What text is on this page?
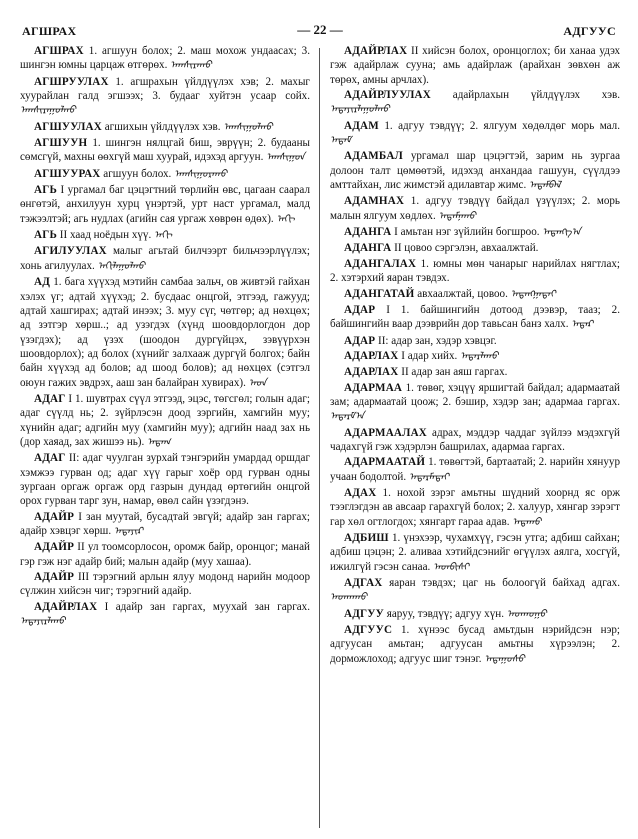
АГШРАХ	— 22 —	АДГУУС

АГШРАХ 1. агшуун болох; 2. маш мохож ундаасах; 3. шингэн юмны царцаж өтгөрөх. ᠠᠭᠰᠢᠷᠠᠬᠤ

АГШРУУЛАХ 1. агшрахын үйлдүүлэх хэв; 2. махыг хуурайлан галд эгшээх; 3. будааг хуйтэн усаар сойх. ᠠᠭᠰᠢᠷᠠᠭᠤᠯᠬᠤ

АГШУУЛАХ агшихын үйлдүүлэх хэв. ᠠᠭᠰᠢᠭᠤᠯᠬᠤ

АГШУУН 1. шингэн нялцгай биш, эврүүн; 2. будааны сөмсгүй, махны өөхгүй маш хуурай, идэхэд аргуун. ᠠᠭᠰᠢᠭᠤᠨ

АГШУУРАХ агшуун болох. ᠠᠭᠰᠢᠭᠤᠷᠠᠬᠤ

АГЬ I ургамал баг цэцэгтний төрлийн өвс, цагаан саарал өнгөтэй, анхилуун хурц үнэртэй, урт наст ургамал, малд тэжээлтэй; агь нудлах (агийн сая ургаж хөврөн өдөх). ᠠᠭᠢ

АГЬ II хаад ноёдын хүү. ᠠᠭᠢ

АГИЛУУЛАХ малыг агьтай билчээрт бильчээрлүүлэх; хонь агилуулах. ᠠᠭᠢᠯᠠᠭᠤᠯᠬᠤ

АД 1. бага хүүхэд мэтийн самбаа зальч, ов живтэй гайхан хэлэх үг; адтай хүүхэд; 2. бусдаас онцгой, этгээд, гажууд; адтай хашгирах; адтай инээх; 3. муу сүг, чөтгөр; ад нөхцөх; ад зэтгэр хөрш..; ад узэгдэх (хүнд шоовдорлогдон дор үзэгдэх); ад үзэх (шоодон дургүйцэх, зэвүүрхэн шоовдорлох); ад болох (хүнийг залхааж дургүй болгох; байн байн хүүхэд ад болов; ад шоод болов); ад нөхцөх (сэтгэл оюун гажих эвдрэх, ааш зан балайран хувирах). ᠠᠳ

АДАГ I 1. шувтрах сүүл этгээд, эцэс, төгсгөл; голын адаг; адаг сүүлд нь; 2. зүйрлэсэн доод зэргийн, хамгийн муу; хүнийн адаг; адгийн муу (хамгийн муу); адгийн наад зах нь (дор хаяад, зах жишээ нь). ᠠᠳᠠᠭ

АДАГ II: адаг чуулган зурхай тэнгэрийн умардад оршдаг хэмжээ гурван од; адаг хүү гарыг хоёр орд гурван одны зургаан оргаж оргаж орд газрын дундад өртөгийн онцгой орох гурван тарг зун, намар, өвөл сайн үзэгдэнэ.

АДАЙР I зан муутай, бусадтай эвгүй; адайр зан гаргах; адайр хэвцэг хөрш. ᠠᠳᠠᠶᠢᠷ

АДАЙР II ул тоомсорлосон, оромж байр, оронцог; манай гэр гэж нэг адайр бий; малын адайр (муу хашаа).

АДАЙР III тэрэгний арлын ялуу модонд нарийн модоор сүлжин хийсэн чиг; тэрэгний адайр.

АДАЙРЛАХ I адайр зан гаргах, муухай зан гаргах. ᠠᠳᠠᠶᠢᠷᠯᠠᠬᠤ

АДАЙРЛАХ II хийсэн болох, оронцоглох; би ханаа удэх гэж адайрлаж сууна; амь адайрлаж (арайхан зөвхөн аж төрөх, амны арчлах).

АДАЙРЛУУЛАХ адайрлахын үйлдүүлэх хэв. ᠠᠳᠠᠶᠢᠷᠯᠠᠭᠤᠯᠬᠤ

АДАМ 1. адгуу тэвдүү; 2. ялгуум хөдөлдөг морь мал. ᠠᠳᠠᠮ

АДАМБАЛ ургамал шар цэцэгтэй, зарим нь зургаа долоон талт цөмөөтэй, идэхэд анхандаа гашуун, сүүлдээ амттайхан, лис жимстэй адилавтар жимс. ᠠᠳᠠᠮᠪᠠᠯ

АДАМНАХ 1. адгуу тэвдүү байдал үзүүлэх; 2. морь малын ялгуум хөдлөх. ᠠᠳᠠᠮᠨᠠᠬᠤ

АДАНГА I амьтан нэг зүйлийн богшроо. ᠠᠳᠠᠩᠭ᠎ᠠ

АДАНГА II цовоо сэргэлэн, авхаалжтай.

АДАНГАЛАХ 1. юмны мөн чанарыг нарийлах нягтлах; 2. хэтэрхий яаран тэвдэх.

АДАНГАТАЙ авхаалжтай, цовоо. ᠠᠳᠠᠩᠭᠠᠲᠠᠢ

АДАР I 1. байшингийн дотоод дээвэр, тааз; 2. байшингийн ваар дээврийн дор тавьсан банз халх. ᠠᠳᠠᠷ

АДАР II: адар зан, хэдэр хэвцэг.

АДАРЛАХ I адар хийх. ᠠᠳᠠᠷᠯᠠᠬᠤ

АДАРЛАХ II адар зан аяш гаргах.

АДАРМАА 1. төвөг, хэцүү яршигтай байдал; адармаатай зам; адармаатай цоож; 2. бэшир, хэдэр зан; адармаа гаргах. ᠠᠳᠠᠷᠮ᠎ᠠ

АДАРМААЛАХ адрах, мэддэр чаддаг зүйлээ мэдэхгүй чадахгүй гэж хэдэрлэн башрилах, адармаа гаргах.

АДАРМААТАЙ 1. төвөгтэй, бартаатай; 2. нарийн хянуур учаан бодолтой. ᠠᠳᠠᠷᠮᠠᠲᠠᠢ

АДАХ 1. нохой зэрэг амьтны шүдний хоорнд яс орж тээглэгдэн ав авсаар гарахгүй болох; 2. халуур, хянгар зэрэгт гар хөл огтлогдох; хянгарт гараа адав. ᠠᠳᠠᠬᠤ

АДБИШ 1. үнэхээр, чухамхүү, гэсэн утга; адбиш сайхан; адбиш цэцэн; 2. аливаа хэтийдсэнийг өгүүлэх аялга, хосгүй, ижилгүй гэсэн санаа. ᠠᠳᠪᠢᠰᠢ

АДГАХ яаран тэвдэх; цаг нь болоогүй байхад адгах. ᠠᠳᠬᠠᠬᠤ

АДГУУ яаруу, тэвдүү; адгуу хүн. ᠠᠳᠬᠤᠭᠤ

АДГУУС 1. хүнээс бусад амьтдын нэрийдсэн нэр; адгуусан амьтан; адгуусан амьтны хүрээлэн; 2. дорможлоход; адгуус шиг тэнэг. ᠠᠳᠠᠭᠤᠰᠤ
